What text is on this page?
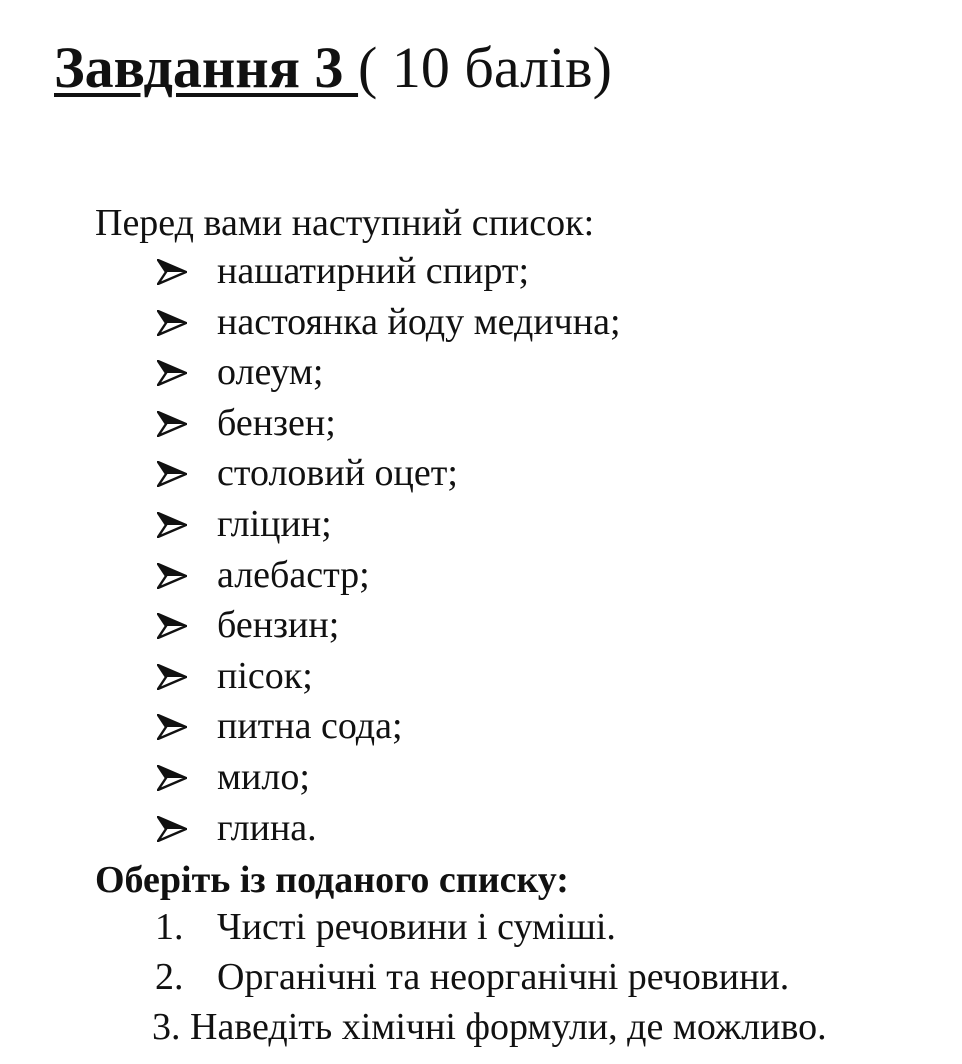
Завдання 3 ( 10 балів)
Перед вами наступний список:
нашатирний спирт;
настоянка йоду медична;
олеум;
бензен;
столовий оцет;
гліцин;
алебастр;
бензин;
пісок;
питна сода;
мило;
глина.
Оберіть із поданого списку:
1. Чисті речовини і суміші.
2. Органічні та неорганічні речовини.
3. Наведіть хімічні формули, де можливо.
